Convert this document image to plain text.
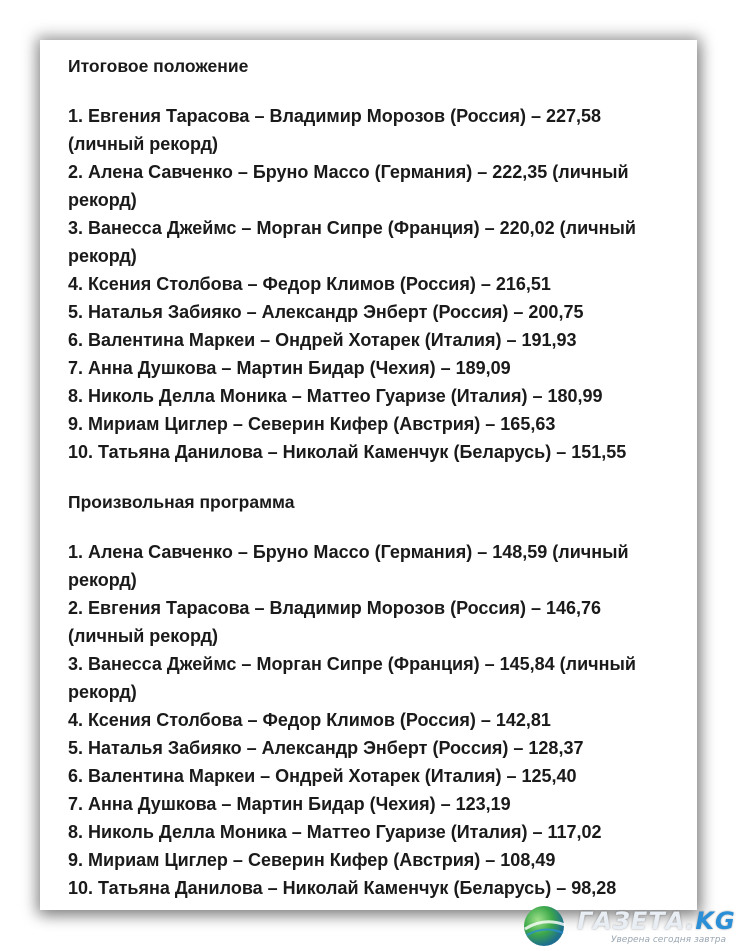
Итоговое положение

1. Евгения Тарасова – Владимир Морозов (Россия) – 227,58 (личный рекорд)
2. Алена Савченко – Бруно Массо (Германия) – 222,35 (личный рекорд)
3. Ванесса Джеймс – Морган Сипре (Франция) – 220,02 (личный рекорд)
4. Ксения Столбова – Федор Климов (Россия) – 216,51
5. Наталья Забияко – Александр Энберт (Россия) – 200,75
6. Валентина Маркеи – Ондрей Хотарек (Италия) – 191,93
7. Анна Душкова – Мартин Бидар (Чехия) – 189,09
8. Николь Делла Моника – Маттео Гуаризе (Италия) – 180,99
9. Мириам Циглер – Северин Кифер (Австрия) – 165,63
10. Татьяна Данилова – Николай Каменчук (Беларусь) – 151,55

Произвольная программа

1. Алена Савченко – Бруно Массо (Германия) – 148,59 (личный рекорд)
2. Евгения Тарасова – Владимир Морозов (Россия) – 146,76 (личный рекорд)
3. Ванесса Джеймс – Морган Сипре (Франция) – 145,84 (личный рекорд)
4. Ксения Столбова – Федор Климов (Россия) – 142,81
5. Наталья Забияко – Александр Энберт (Россия) – 128,37
6. Валентина Маркеи – Ондрей Хотарек (Италия) – 125,40
7. Анна Душкова – Мартин Бидар (Чехия) – 123,19
8. Николь Делла Моника – Маттео Гуаризе (Италия) – 117,02
9. Мириам Циглер – Северин Кифер (Австрия) – 108,49
10. Татьяна Данилова – Николай Каменчук (Беларусь) – 98,28
ГАЗЕТА.KG
Уверена сегодня завтра
